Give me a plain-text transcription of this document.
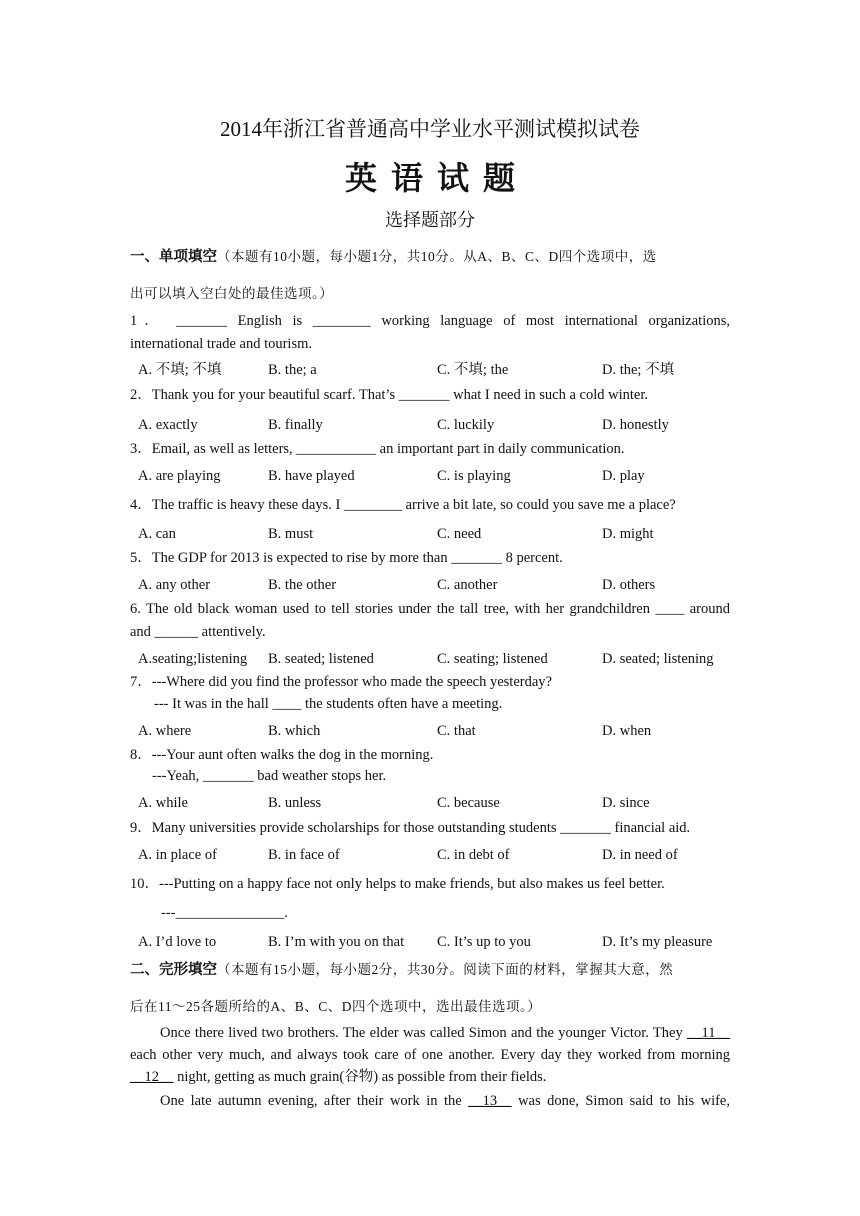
2014年浙江省普通高中学业水平测试模拟试卷
英语试题
选择题部分
一、单项填空（本题有10小题，每小题1分，共10分。从A、B、C、D四个选项中，选
出可以填入空白处的最佳选项。）
1． _______ English is ________ working language of most international organizations,
international trade and tourism.
A. 不填; 不填	B. the; a	C. 不填; the	D. the; 不填
2．Thank you for your beautiful scarf. That’s _______ what I need in such a cold winter.
A. exactly	B. finally	C. luckily	D. honestly
3．Email, as well as letters, ___________ an important part in daily communication.
A. are playing	B. have played	C. is playing	D. play
4．The traffic is heavy these days. I ________ arrive a bit late, so could you save me a place?
A. can	B. must	C. need	D. might
5．The GDP for 2013 is expected to rise by more than _______ 8 percent.
A. any other	B. the other	C. another	D. others
6. The old black woman used to tell stories under the tall tree, with her grandchildren ____ around
and ______ attentively.
A.seating;listening B. seated; listened	C. seating; listened	D. seated; listening
7．---Where did you find the professor who made the speech yesterday?
--- It was in the hall ____ the students often have a meeting.
A. where	B. which	C. that	D. when
8．---Your aunt often walks the dog in the morning.
---Yeah, _______ bad weather stops her.
A. while	B. unless	C. because	D. since
9．Many universities provide scholarships for those outstanding students _______ financial aid.
A. in place of	B. in face of	C. in debt of	D. in need of
10．---Putting on a happy face not only helps to make friends, but also makes us feel better.
---_______________.
A. I’d love to	B. I’m with you on that C. It’s up to you	D. It’s my pleasure
二、完形填空（本题有15小题，每小题2分，共30分。阅读下面的材料，掌握其大意，然
后在11～25各题所给的A、B、C、D四个选项中，选出最佳选项。）
Once there lived two brothers. The elder was called Simon and the younger Victor. They __11__ each other very much, and always took care of one another. Every day they worked from morning __12__ night, getting as much grain(谷物) as possible from their fields.
One late autumn evening, after their work in the __13__ was done, Simon said to his wife,
